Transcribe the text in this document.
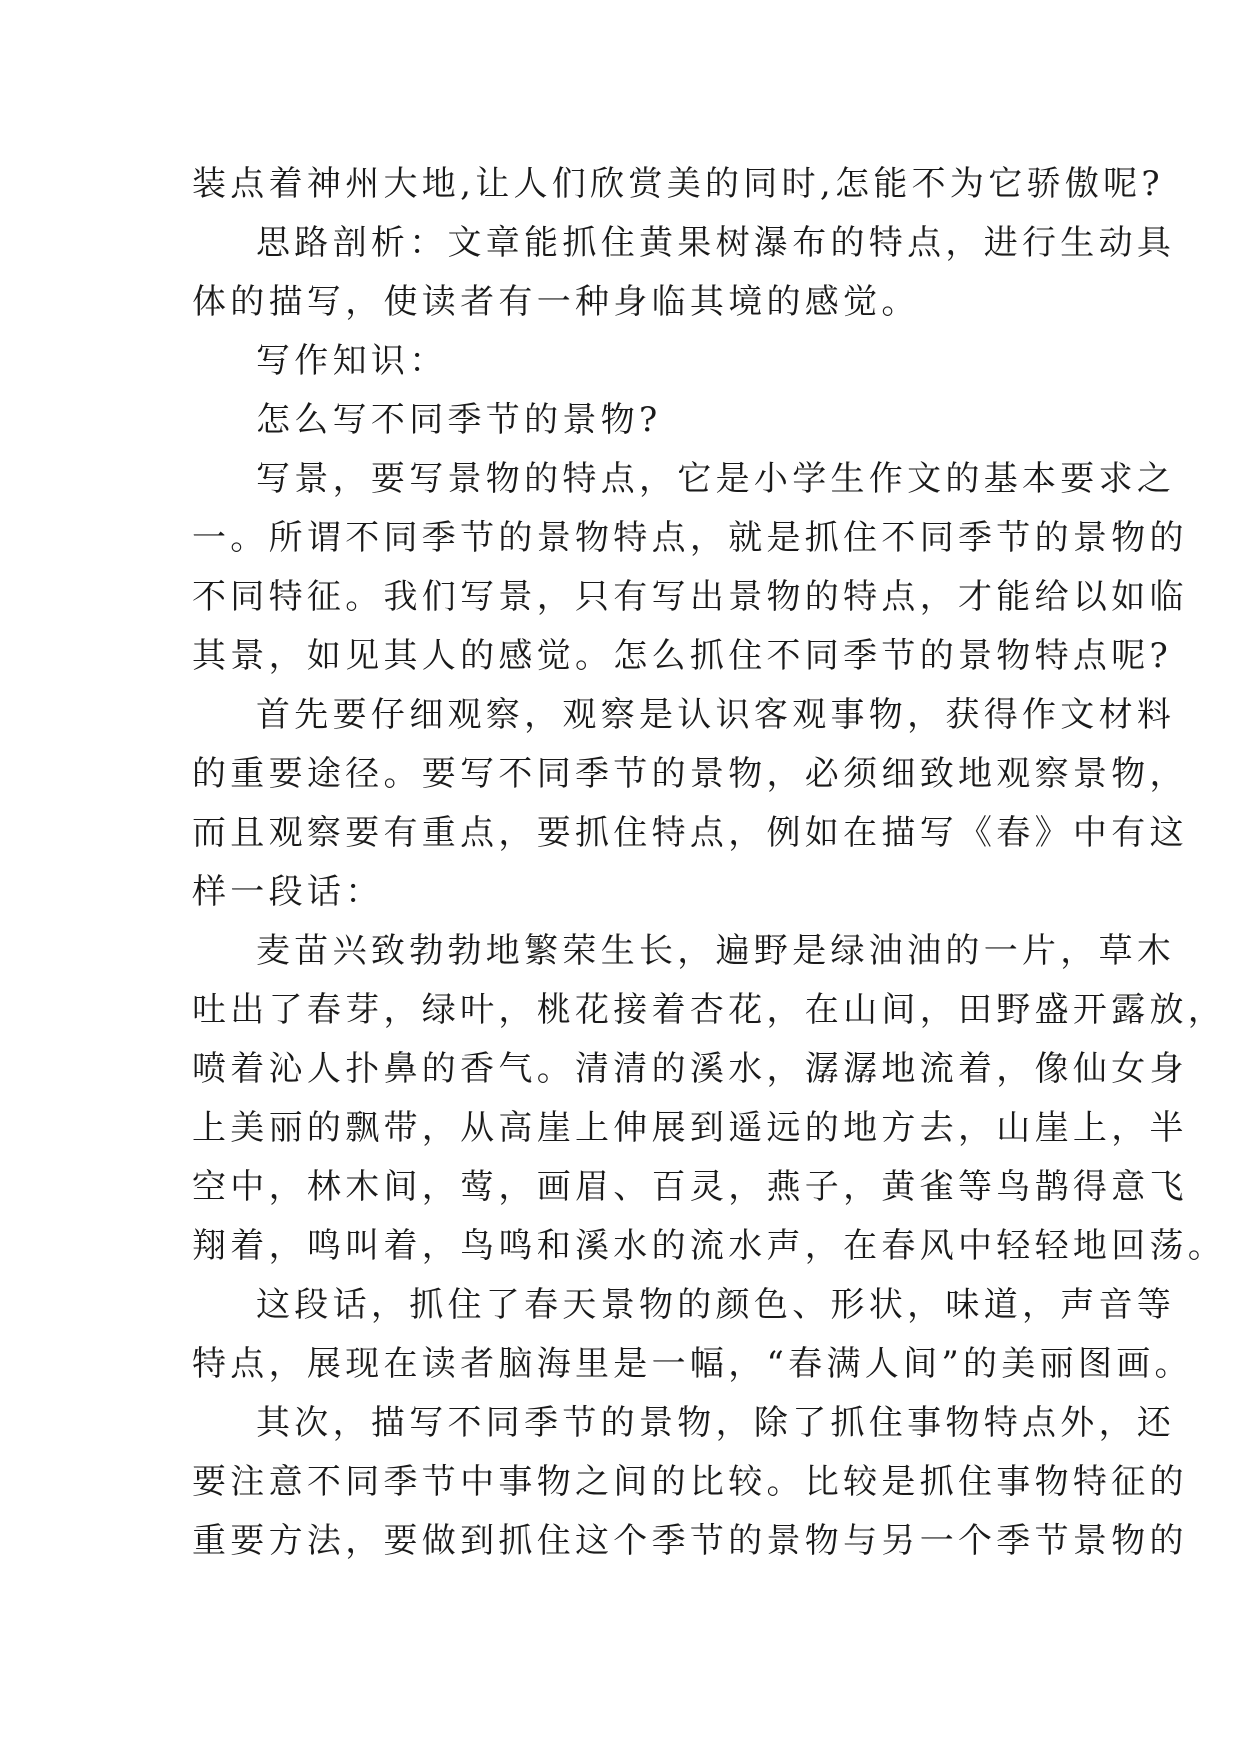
装点着神州大地,让人们欣赏美的同时,怎能不为它骄傲呢?
思路剖析：文章能抓住黄果树瀑布的特点，进行生动具
体的描写，使读者有一种身临其境的感觉。
写作知识：
怎么写不同季节的景物?
写景，要写景物的特点，它是小学生作文的基本要求之
一。所谓不同季节的景物特点，就是抓住不同季节的景物的
不同特征。我们写景，只有写出景物的特点，才能给以如临
其景，如见其人的感觉。怎么抓住不同季节的景物特点呢?
首先要仔细观察，观察是认识客观事物，获得作文材料
的重要途径。要写不同季节的景物，必须细致地观察景物，
而且观察要有重点，要抓住特点，例如在描写《春》中有这
样一段话：
麦苗兴致勃勃地繁荣生长，遍野是绿油油的一片，草木
吐出了春芽，绿叶，桃花接着杏花，在山间，田野盛开露放，
喷着沁人扑鼻的香气。清清的溪水，潺潺地流着，像仙女身
上美丽的飘带，从高崖上伸展到遥远的地方去，山崖上，半
空中，林木间，莺，画眉、百灵，燕子，黄雀等鸟鹊得意飞
翔着，鸣叫着，鸟鸣和溪水的流水声，在春风中轻轻地回荡。
这段话，抓住了春天景物的颜色、形状，味道，声音等
特点，展现在读者脑海里是一幅，“春满人间”的美丽图画。
其次，描写不同季节的景物，除了抓住事物特点外，还
要注意不同季节中事物之间的比较。比较是抓住事物特征的
重要方法，要做到抓住这个季节的景物与另一个季节景物的
